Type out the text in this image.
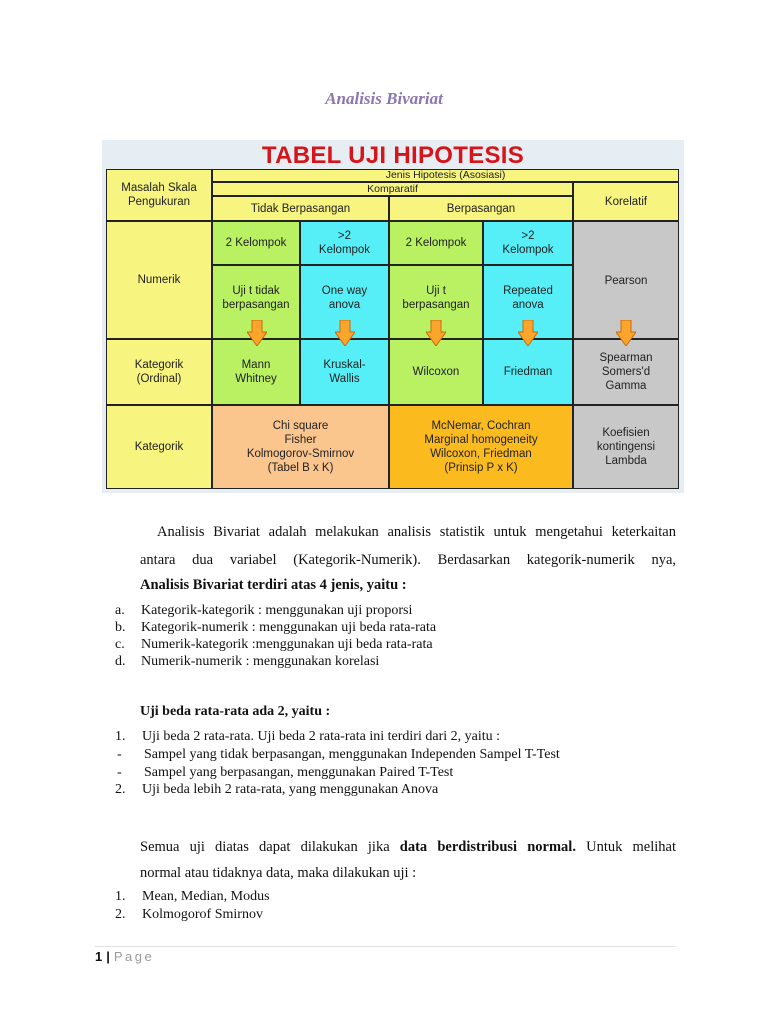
Analisis Bivariat
TABEL UJI HIPOTESIS
Masalah Skala
Pengukuran
Jenis Hipotesis (Asosiasi)
Komparatif
Korelatif
Tidak Berpasangan	Berpasangan
Numerik
Kategorik
(Ordinal)
Kategorik
2 Kelompok
>2
Kelompok
2 Kelompok
>2
Kelompok
Pearson
Uji t tidak
berpasangan
One way
anova
Uji t
berpasangan
Repeated
anova
Mann
Whitney
Kruskal-
Wallis
Wilcoxon	Friedman
Spearman
Somers'd
Gamma
Chi square
Fisher
Kolmogorov-Smirnov
(Tabel B x K)
McNemar, Cochran
Marginal homogeneity
Wilcoxon, Friedman
(Prinsip P x K)
Koefisien
kontingensi
Lambda
Analisis Bivariat adalah melakukan analisis statistik untuk mengetahui keterkaitan
antara dua variabel (Kategorik-Numerik). Berdasarkan kategorik-numerik nya,
Analisis Bivariat terdiri atas 4 jenis, yaitu :
a. Kategorik-kategorik : menggunakan uji proporsi
b. Kategorik-numerik : menggunakan uji beda rata-rata
c. Numerik-kategorik :menggunakan uji beda rata-rata
d. Numerik-numerik : menggunakan korelasi
Uji beda rata-rata ada 2, yaitu :
1. Uji beda 2 rata-rata. Uji beda 2 rata-rata ini terdiri dari 2, yaitu :
- Sampel yang tidak berpasangan, menggunakan Independen Sampel T-Test
- Sampel yang berpasangan, menggunakan Paired T-Test
2. Uji beda lebih 2 rata-rata, yang menggunakan Anova
Semua uji diatas dapat dilakukan jika data berdistribusi normal. Untuk melihat
normal atau tidaknya data, maka dilakukan uji :
1. Mean, Median, Modus
2. Kolmogorof Smirnov
1 | Page
